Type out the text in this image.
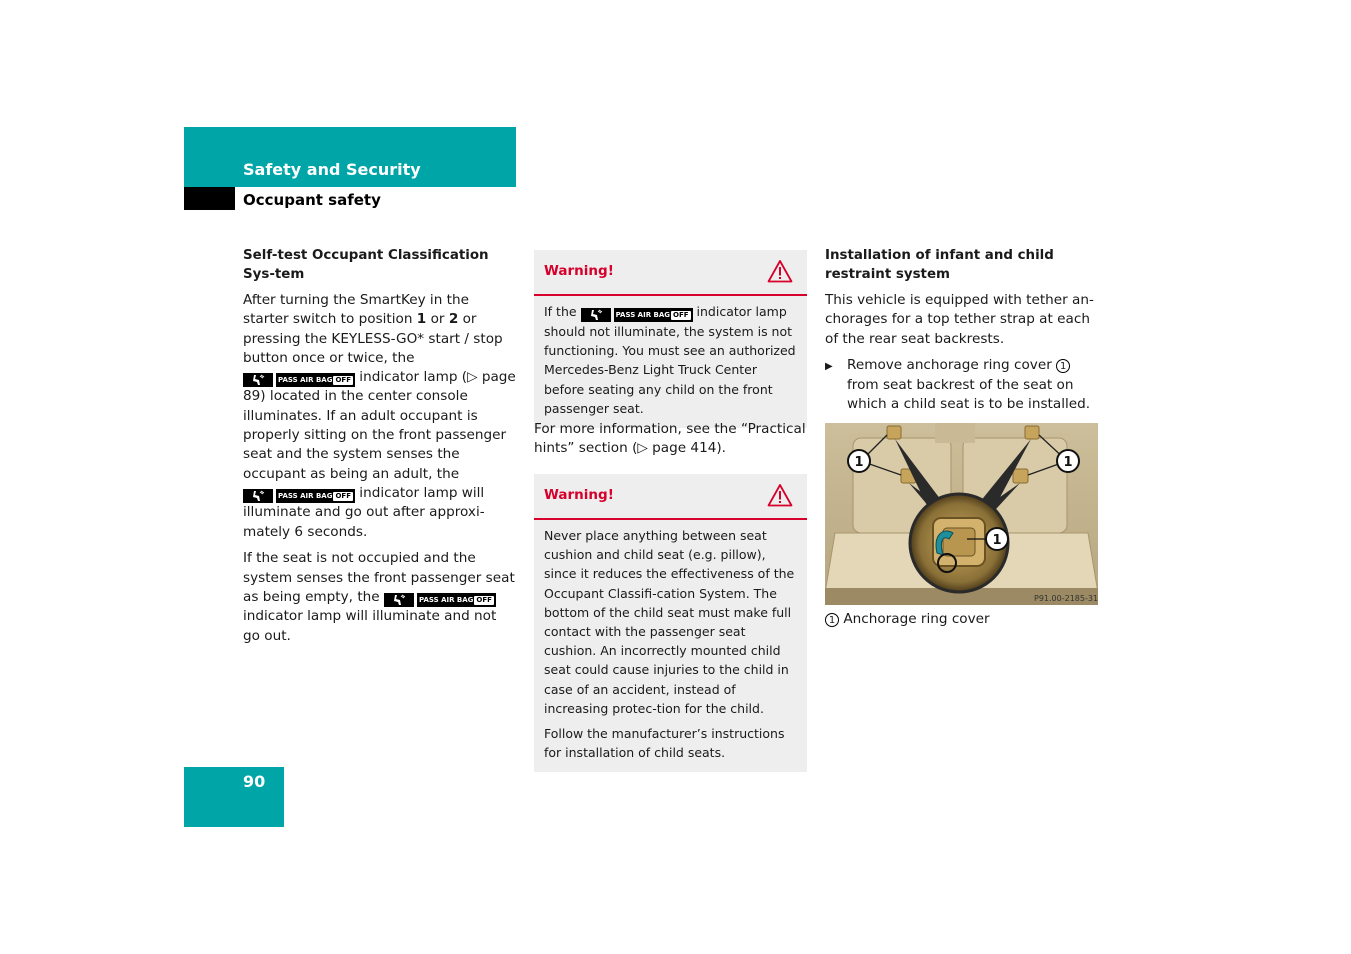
Safety and Security
Occupant safety
Self-test Occupant Classification Sys-tem

After turning the SmartKey in the starter switch to position 1 or 2 or pressing the KEYLESS-GO* start / stop button once or twice, the
PASS AIR BAG OFF indicator lamp (▷ page 89) located in the center console illuminates. If an adult occupant is properly sitting on the front passenger seat and the system senses the occupant as being an adult, the
PASS AIR BAG OFF indicator lamp will illuminate and go out after approxi-mately 6 seconds.

If the seat is not occupied and the system senses the front passenger seat as being empty, the	PASS AIR BAG OFF indicator lamp will illuminate and not go out.

Warning!

If the	PASS AIR BAG OFF indicator lamp should not illuminate, the system is not functioning. You must see an authorized Mercedes-Benz Light Truck Center before seating any child on the front passenger seat.

For more information, see the “Practical hints” section (▷ page 414).

Warning!

Never place anything between seat cushion and child seat (e.g. pillow), since it reduces the effectiveness of the Occupant Classifi-cation System. The bottom of the child seat must make full contact with the passenger seat cushion. An incorrectly mounted child seat could cause injuries to the child in case of an accident, instead of increasing protec-tion for the child.

Follow the manufacturer’s instructions for installation of child seats.

Installation of infant and child restraint system

This vehicle is equipped with tether an-chorages for a top tether strap at each of the rear seat backrests.

▶	Remove anchorage ring cover 1 from seat backrest of the seat on which a child seat is to be installed.
1	1
1
P91.00-2185-31

1 Anchorage ring cover

90
